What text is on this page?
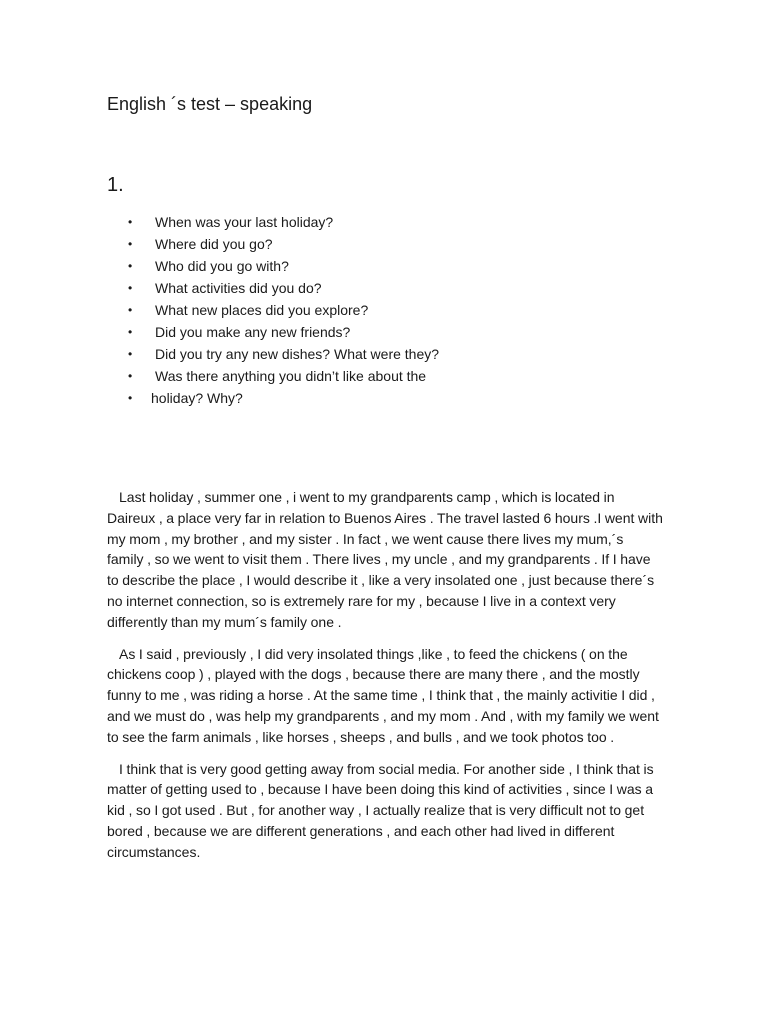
English ´s test – speaking
1.
• When was your last holiday?
• Where did you go?
• Who did you go with?
• What activities did you do?
• What new places did you explore?
• Did you make any new friends?
• Did you try any new dishes? What were they?
• Was there anything you didn’t like about the
• holiday? Why?

Last holiday , summer one , i went to my grandparents camp , which is located in Daireux , a place very far in relation to Buenos Aires . The travel lasted 6 hours .I went with my mom , my brother , and my sister . In fact , we went cause there lives my mum,´s family , so we went to visit them . There lives , my uncle , and my grandparents . If I have to describe the place , I would describe it , like a very insolated one , just because there´s no internet connection, so is extremely rare for my , because I live in a context very differently than my mum´s family one .

As I said , previously , I did very insolated things ,like , to feed the chickens ( on the chickens coop ) , played with the dogs , because there are many there , and the mostly funny to me , was riding a horse . At the same time , I think that , the mainly activitie I did , and we must do , was help my grandparents , and my mom . And , with my family we went to see the farm animals , like horses , sheeps , and bulls , and we took photos too .

I think that is very good getting away from social media. For another side , I think that is matter of getting used to , because I have been doing this kind of activities , since I was a kid , so I got used . But , for another way , I actually realize that is very difficult not to get bored , because we are different generations , and each other had lived in different circumstances.
